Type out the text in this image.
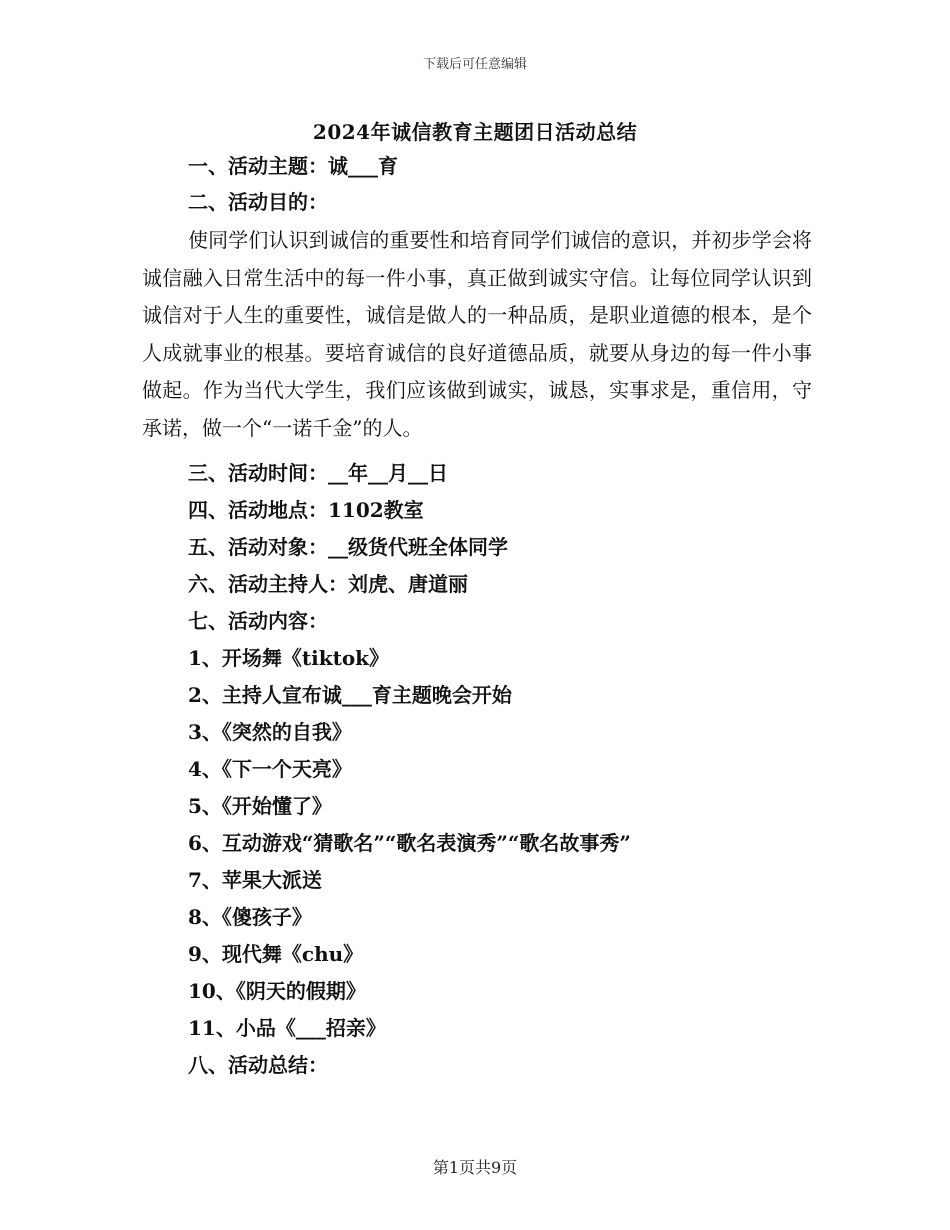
下载后可任意编辑
2024年诚信教育主题团日活动总结
一、活动主题：诚___育
二、活动目的：

使同学们认识到诚信的重要性和培育同学们诚信的意识，并初步学会将诚信融入日常生活中的每一件小事，真正做到诚实守信。让每位同学认识到诚信对于人生的重要性，诚信是做人的一种品质，是职业道德的根本，是个人成就事业的根基。要培育诚信的良好道德品质，就要从身边的每一件小事做起。作为当代大学生，我们应该做到诚实，诚恳，实事求是，重信用，守承诺，做一个“一诺千金”的人。

三、活动时间：__年__月__日
四、活动地点：1102教室
五、活动对象：__级货代班全体同学
六、活动主持人：刘虎、唐道丽
七、活动内容：
1、开场舞《tiktok》
2、主持人宣布诚___育主题晚会开始
3、《突然的自我》
4、《下一个天亮》
5、《开始懂了》
6、互动游戏“猜歌名”“歌名表演秀”“歌名故事秀”
7、苹果大派送
8、《傻孩子》
9、现代舞《chu》
10、《阴天的假期》
11、小品《___招亲》
八、活动总结：
第1页共9页
